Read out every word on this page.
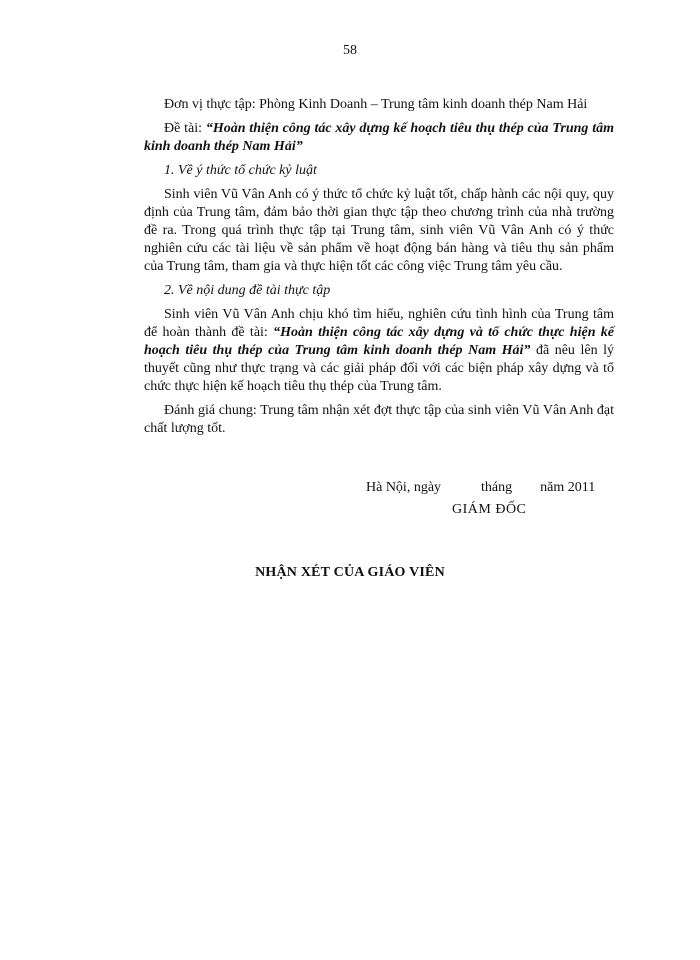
58

Đơn vị thực tập: Phòng Kinh Doanh – Trung tâm kinh doanh thép Nam Hải

Đề tài: “Hoàn thiện công tác xây dựng kế hoạch tiêu thụ thép của Trung tâm kinh doanh thép Nam Hải”

1. Về ý thức tổ chức kỷ luật

Sinh viên Vũ Vân Anh có ý thức tổ chức kỷ luật tốt, chấp hành các nội quy, quy định của Trung tâm, đảm bảo thời gian thực tập theo chương trình của nhà trường đề ra. Trong quá trình thực tập tại Trung tâm, sinh viên Vũ Vân Anh có ý thức nghiên cứu các tài liệu về sản phẩm về hoạt động bán hàng và tiêu thụ sản phẩm của Trung tâm, tham gia và thực hiện tốt các công việc Trung tâm yêu cầu.

2. Về nội dung đề tài thực tập

Sinh viên Vũ Vân Anh chịu khó tìm hiểu, nghiên cứu tình hình của Trung tâm để hoàn thành đề tài: “Hoàn thiện công tác xây dựng và tổ chức thực hiện kế hoạch tiêu thụ thép của Trung tâm kinh doanh thép Nam Hải” đã nêu lên lý thuyết cũng như thực trạng và các giải pháp đối với các biện pháp xây dựng và tổ chức thực hiện kế hoạch tiêu thụ thép của Trung tâm.

Đánh giá chung: Trung tâm nhận xét đợt thực tập của sinh viên Vũ Vân Anh đạt chất lượng tốt.

Hà Nội, ngày	tháng năm 2011
GIÁM ĐỐC
NHẬN XÉT CỦA GIÁO VIÊN
